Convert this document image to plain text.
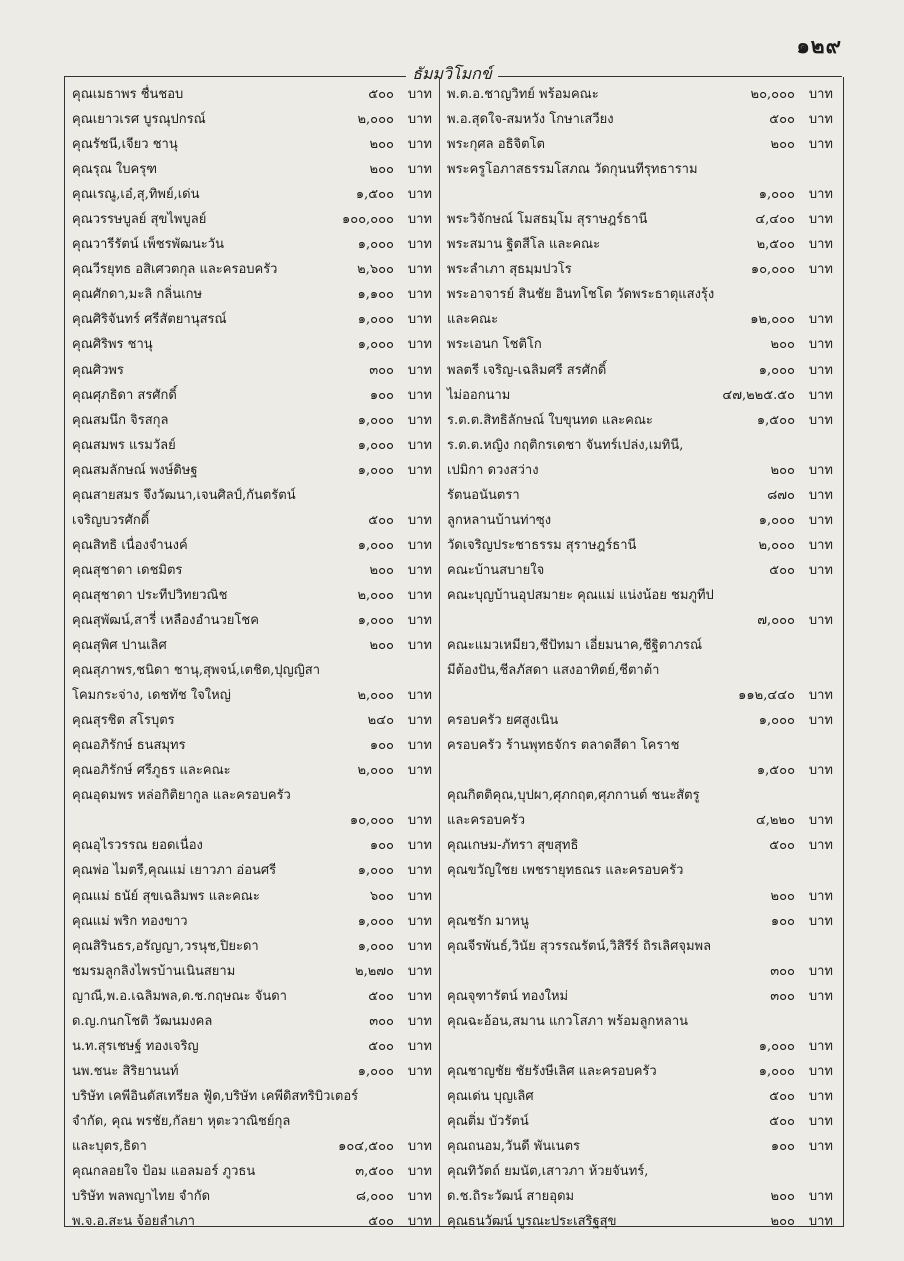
๑๒๙
ธัมมวิโมกข์
คุณเมธาพร ชื่นชอบ	๕๐๐	บาท
คุณเยาวเรศ บูรณุปกรณ์	๒,๐๐๐	บาท
คุณรัชนี,เจียว ชานุ	๒๐๐	บาท
คุณรุณ ใบครุฑ	๒๐๐	บาท
คุณเรณู,เอ๋,สุ,ทิพย์,เด่น	๑,๕๐๐	บาท
คุณวรรษบูลย์ สุขไพบูลย์	๑๐๐,๐๐๐	บาท
คุณวารีรัตน์ เพ็ชรพัฒนะวัน	๑,๐๐๐	บาท
คุณวีรยุทธ อสิเศวตกุล และครอบครัว	๒,๖๐๐	บาท
คุณศักดา,มะลิ กลิ่นเกษ	๑,๑๐๐	บาท
คุณศิริจันทร์ ศรีสัตยานุสรณ์	๑,๐๐๐	บาท
คุณศิริพร ชานุ	๑,๐๐๐	บาท
คุณศิวพร	๓๐๐	บาท
คุณศุภธิดา สรศักดิ์	๑๐๐	บาท
คุณสมนึก จิรสกุล	๑,๐๐๐	บาท
คุณสมพร แรมวัลย์	๑,๐๐๐	บาท
คุณสมลักษณ์ พงษ์ดิษฐ	๑,๐๐๐	บาท
คุณสายสมร จึงวัฒนา,เจนศิลป์,กันตรัตน์
เจริญบวรศักดิ์	๕๐๐	บาท
คุณสิทธิ เนื่องจำนงค์	๑,๐๐๐	บาท
คุณสุชาดา เดชมิตร	๒๐๐	บาท
คุณสุชาดา ประทีปวิทยวณิช	๒,๐๐๐	บาท
คุณสุพัฒน์,สารี่ เหลืองอำนวยโชค	๑,๐๐๐	บาท
คุณสุพิศ ปานเลิศ	๒๐๐	บาท
คุณสุภาพร,ชนิดา ชานุ,สุพจน์,เตชิต,ปุญญิสา
โคมกระจ่าง, เดชทัช ใจใหญ่	๒,๐๐๐	บาท
คุณสุรชิต สโรบุตร	๒๔๐	บาท
คุณอภิรักษ์ ธนสมุทร	๑๐๐	บาท
คุณอภิรักษ์ ศรีภูธร และคณะ	๒,๐๐๐	บาท
คุณอุดมพร หล่อกิติยากูล และครอบครัว
๑๐,๐๐๐	บาท
คุณอุไรวรรณ ยอดเนื่อง	๑๐๐	บาท
คุณพ่อ ไมตรี,คุณแม่ เยาวภา อ่อนศรี	๑,๐๐๐	บาท
คุณแม่ ธนัย์ สุขเฉลิมพร และคณะ	๖๐๐	บาท
คุณแม่ พริก ทองขาว	๑,๐๐๐	บาท
คุณสิรินธร,อรัญญา,วรนุช,ปิยะดา	๑,๐๐๐	บาท
ชมรมลูกลิงไพรบ้านเนินสยาม	๒,๒๗๐	บาท
ญาณี,พ.อ.เฉลิมพล,ด.ช.กฤษณะ จันดา	๕๐๐	บาท
ด.ญ.กนกโชติ วัฒนมงคล	๓๐๐	บาท
น.ท.สุรเชษฐ์ ทองเจริญ	๕๐๐	บาท
นพ.ชนะ สิริยานนท์	๑,๐๐๐	บาท
บริษัท เคพีอินดัสเทรียล ฟู้ด,บริษัท เคพีดิสทริบิวเตอร์
จำกัด, คุณ พรชัย,กัลยา หุตะวาณิชย์กุล
และบุตร,ธิดา	๑๐๔,๕๐๐	บาท
คุณกลอยใจ ป้อม แอลมอร์ ภูวธน	๓,๕๐๐	บาท
บริษัท พลพญาไทย จำกัด	๘,๐๐๐	บาท
พ.จ.อ.สะน จ้อยลำเภา	๕๐๐	บาท
พ.ต.อ.ชาญวิทย์ พร้อมคณะ	๒๐,๐๐๐	บาท
พ.อ.สุดใจ-สมหวัง โกษาเสวียง	๕๐๐	บาท
พระกุศล อธิจิตโต	๒๐๐	บาท
พระครูโอภาสธรรมโสภณ วัดกุนนทีรุทธาราม
๑,๐๐๐	บาท
พระวิจักษณ์ โมสธมฺโม สุราษฎร์ธานี	๔,๔๐๐	บาท
พระสมาน ฐิตสีโล และคณะ	๒,๕๐๐	บาท
พระลำเภา สุธมฺมปวโร	๑๐,๐๐๐	บาท
พระอาจารย์ สินชัย อินทโชโต วัดพระธาตุแสงรุ้ง
และคณะ	๑๒,๐๐๐	บาท
พระเอนก โชติโก	๒๐๐	บาท
พลตรี เจริญ-เฉลิมศรี สรศักดิ์	๑,๐๐๐	บาท
ไม่ออกนาม	๔๗,๒๒๕.๕๐	บาท
ร.ต.ต.สิทธิลักษณ์ ใบขุนทด และคณะ	๑,๕๐๐	บาท
ร.ต.ต.หญิง กฤติกรเดชา จันทร์เปล่ง,เมทินี,
เปมิกา ดวงสว่าง	๒๐๐	บาท
รัตนอนันตรา	๘๗๐	บาท
ลูกหลานบ้านท่าซุง	๑,๐๐๐	บาท
วัดเจริญประชาธรรม สุราษฎร์ธานี	๒,๐๐๐	บาท
คณะบ้านสบายใจ	๕๐๐	บาท
คณะบุญบ้านอุปสมายะ คุณแม่ แน่งน้อย ชมภูทีป
๗,๐๐๐	บาท
คณะแมวเหมียว,ชีปัทมา เอี่ยมนาค,ชีฐิตาภรณ์
มีต้องปัน,ชีลภัสดา แสงอาทิตย์,ชีตาต้า
๑๑๒,๔๔๐	บาท
ครอบครัว ยศสูงเนิน	๑,๐๐๐	บาท
ครอบครัว ร้านพุทธจักร ตลาดสีดา โคราช
๑,๕๐๐	บาท
คุณกิตติคุณ,บุปผา,ศุภกฤต,ศุภกานต์ ชนะสัตรู
และครอบครัว	๔,๒๒๐	บาท
คุณเกษม-ภัทรา สุขสุทธิ	๕๐๐	บาท
คุณขวัญใชย เพชรายุทธณร และครอบครัว
๒๐๐	บาท
คุณชรัก มาหนู	๑๐๐	บาท
คุณจีรพันธ์,วินัย สุวรรณรัตน์,วิสิรีร์ ถิรเลิศจุมพล
๓๐๐	บาท
คุณจุฑารัตน์ ทองใหม่	๓๐๐	บาท
คุณฉะอ้อน,สมาน แกวโสภา พร้อมลูกหลาน
๑,๐๐๐	บาท
คุณชาญชัย ชัยรังษีเลิศ และครอบครัว	๑,๐๐๐	บาท
คุณเด่น บุญเลิศ	๕๐๐	บาท
คุณติ่ม บัวรัตน์	๕๐๐	บาท
คุณถนอม,วันดี พันเนตร	๑๐๐	บาท
คุณทิวัตถ์ ยมนัต,เสาวภา ห้วยจันทร์,
ด.ช.ถิระวัฒน์ สายอุดม	๒๐๐	บาท
คุณธนวัฒน์ บูรณะประเสริฐสุข	๒๐๐	บาท
